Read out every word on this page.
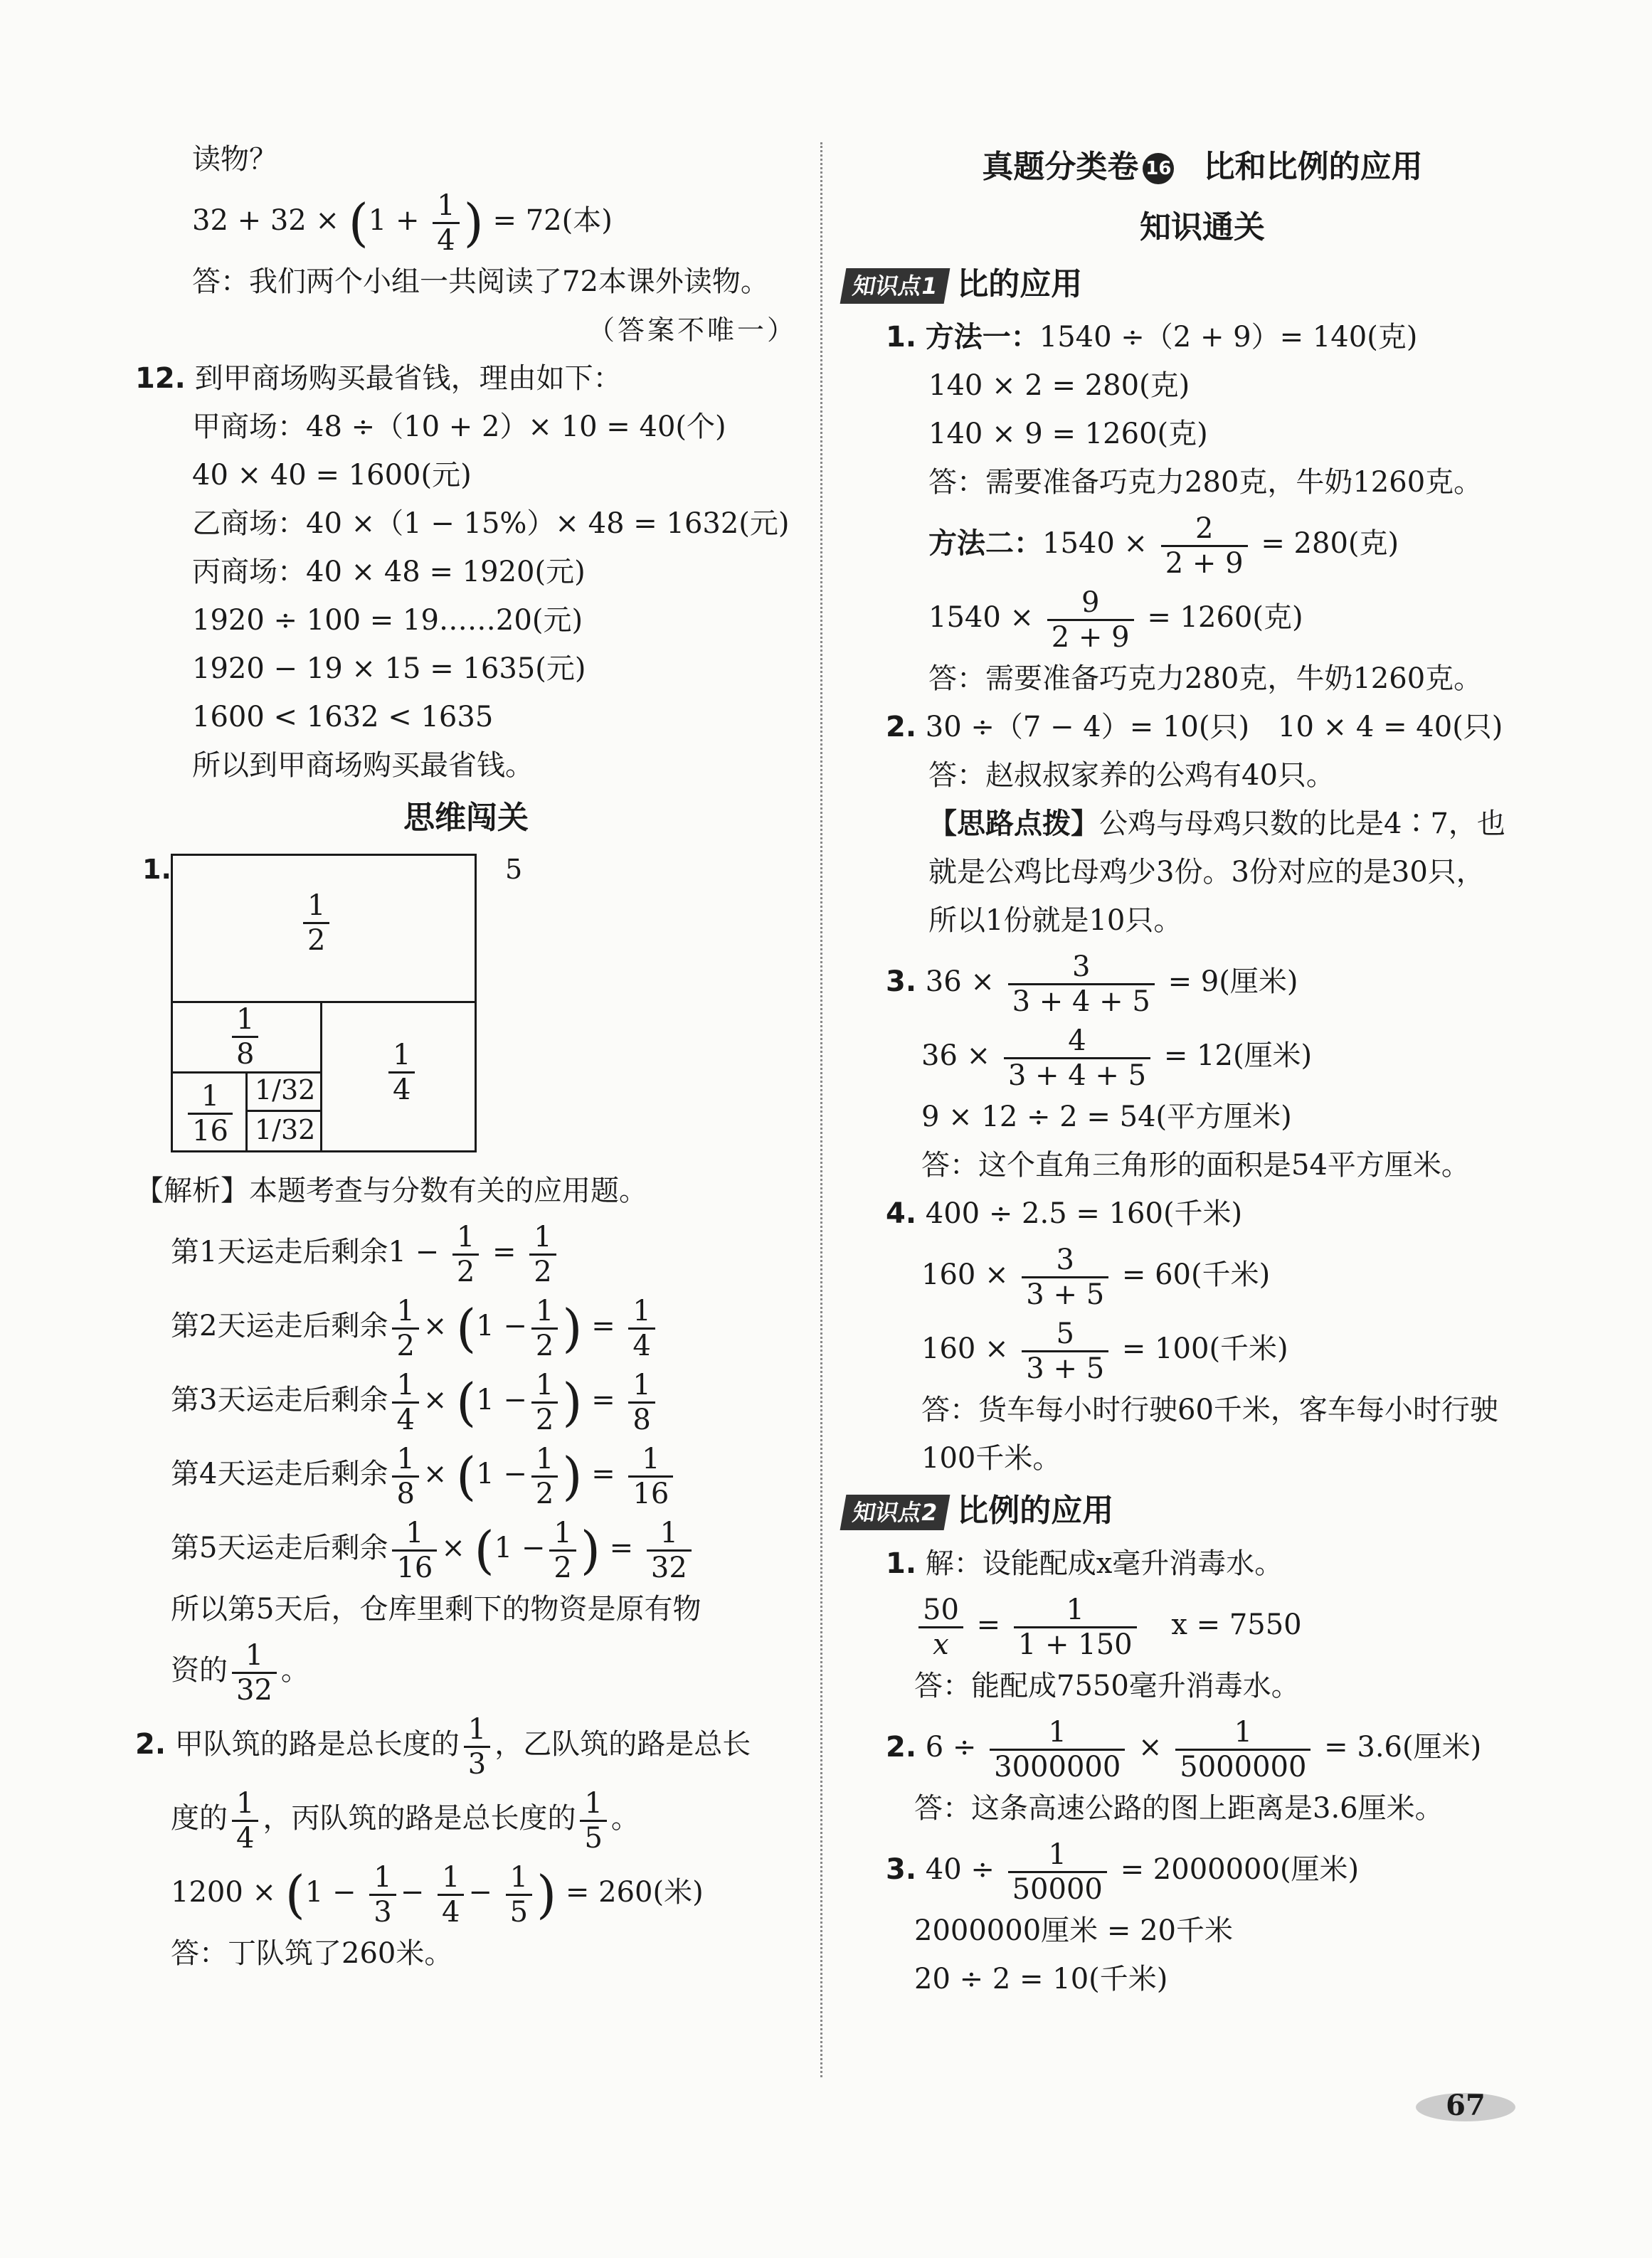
读物？
$32 + 32 \times (1 + \frac{1}{4}$ ) = 72(本)
答：我们两个小组一共阅读了72本课外读物。
（答案不唯一）
12. 到甲商场购买最省钱，理由如下：
甲商场：48 ÷（10 + 2）× 10 = 40(个)
40 × 40 = 1600(元)
乙商场：40 ×（1 − 15%）× 48 = 1632(元)
丙商场：40 × 48 = 1920(元)
1920 ÷ 100 = 19……20(元)
1920 − 19 × 15 = 1635(元)
1600 < 1632 < 1635
所以到甲商场购买最省钱。
思维闯关
1.	5
$\frac{1}{2}$
$\frac{1}{8}$
$\frac{1}{4}$
$\frac{1}{16} 1/32$
1/32
【解析】本题考查与分数有关的应用题。
第1天运走后剩余$1 - \frac{1}{2} = \frac{1}{2}$
第2天运走后剩余 $\frac{1}{2} \times (1 - \frac{1}{2}$ ) = $\frac{1}{4}$
第3天运走后剩余 $\frac{1}{4} \times (1 - \frac{1}{2}$ ) = $\frac{1}{8}$
第4天运走后剩余 $\frac{1}{8} \times (1 - \frac{1}{2}$ ) = $\frac{1}{16}$
第5天运走后剩余 $\frac{1}{16} \times (1 - \frac{1}{2}$ ) = $\frac{1}{32}$
所以第5天后，仓库里剩下的物资是原有物
资的 $\frac{1}{32}$ 。
2. 甲队筑的路是总长度的 $\frac{1}{3}$ ，乙队筑的路是总长
度的 $\frac{1}{4}$ ，丙队筑的路是总长度的 $\frac{1}{5}$ 。
$1200 \times (1 - \frac{1}{3} - \frac{1}{4} - \frac{1}{5}$ ) = 260(米)
答：丁队筑了260米。
真题分类卷 16 比和比例的应用
知识通关
知识点1 比的应用
1. 方法一：1540 ÷（2 + 9）= 140(克)
140 × 2 = 280(克)
140 × 9 = 1260(克)
答：需要准备巧克力280克，牛奶1260克。
方法二：$1540 \times \frac{2}{2 + 9} = 280$(克)
$1540 \times \frac{9}{2 + 9} = 1260$(克)
答：需要准备巧克力280克，牛奶1260克。
2. 30 ÷（7 − 4）= 10(只)　10 × 4 = 40(只)
答：赵叔叔家养的公鸡有40只。
【思路点拨】公鸡与母鸡只数的比是4∶7，也
就是公鸡比母鸡少3份。3份对应的是30只，
所以1份就是10只。
3. $36 \times \frac{3}{3 + 4 + 5} = 9$(厘米)
$36 \times \frac{4}{3 + 4 + 5} = 12$(厘米)
9 × 12 ÷ 2 = 54(平方厘米)
答：这个直角三角形的面积是54平方厘米。
4. 400 ÷ 2.5 = 160(千米)
$160 \times \frac{3}{3 + 5} = 60$(千米)
$160 \times \frac{5}{3 + 5} = 100$(千米)
答：货车每小时行驶60千米，客车每小时行驶
100千米。
知识点2 比例的应用
1. 解：设能配成x毫升消毒水。
$\frac{50}{x} = \frac{1}{1 + 150}$ x = 7550
答：能配成7550毫升消毒水。
2. $6 \div \frac{1}{3000000} \times \frac{1}{5000000} = 3.6$(厘米)
答：这条高速公路的图上距离是3.6厘米。
3. $40 \div \frac{1}{50000} = 2000000$(厘米)
2000000厘米 = 20千米
20 ÷ 2 = 10(千米)
67
